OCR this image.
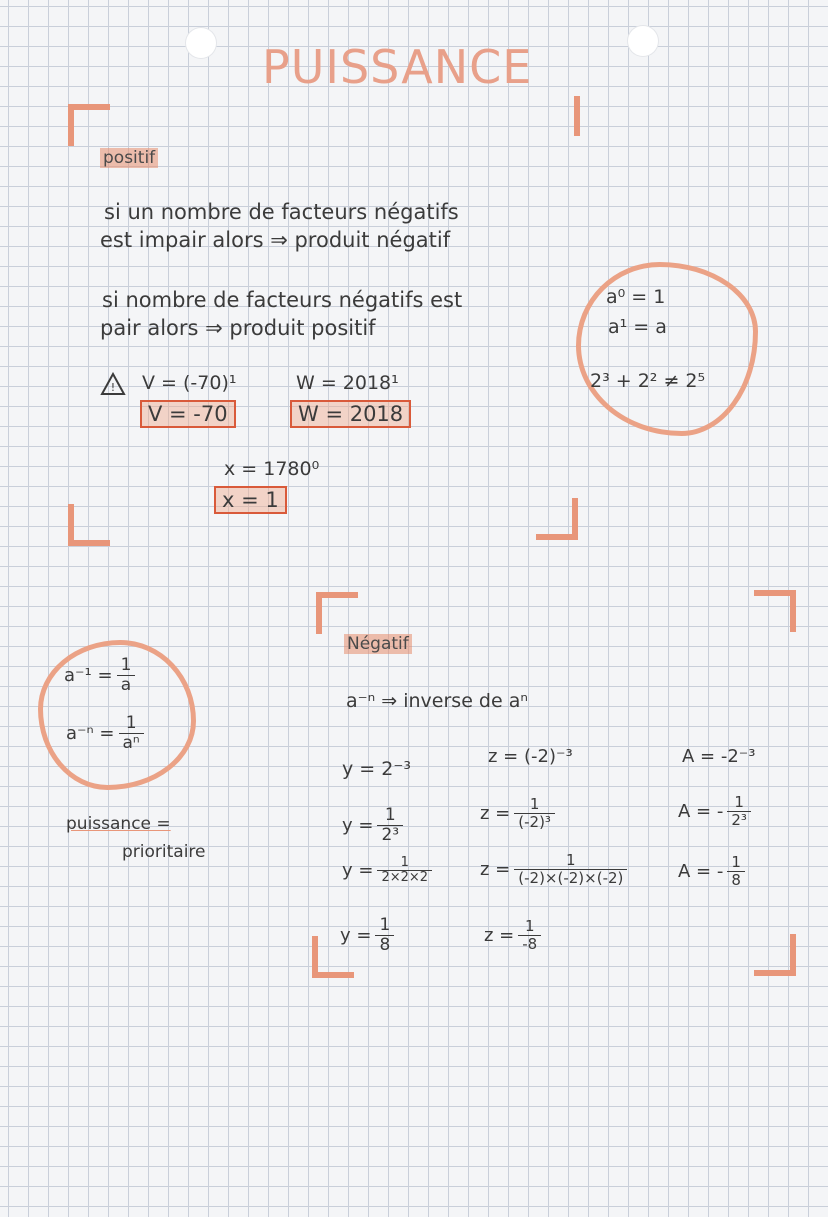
PUISSANCE
positif
si un nombre de facteurs négatifs
est impair alors ⇒ produit négatif
si nombre de facteurs négatifs est
pair alors ⇒ produit positif
! V = (-70)¹
V = -70
W = 2018¹
W = 2018
x = 1780⁰
x = 1
a⁰ = 1
a¹ = a
2³ + 2² ≠ 2⁵
$a^{-1} = \frac{1}{a}$
$a^{-n} = \frac{1}{\text{aⁿ}}$
puissance =
prioritaire
Négatif
a⁻ⁿ ⇒ inverse de aⁿ
y = 2⁻³
$y = \frac{1}{\text{2³}}$
$y = \frac{1}{2\times 2\times 2}$
$y = \frac{1}{8}$
z = (-2)⁻³
$z = \frac{1}{\text{(-2)³}}$
$z = \frac{1}{(-2)\times(-2)\times(-2)}$
$z = \frac{1}{-8}$
A = -2⁻³
A = - $\frac{1}{\text{2³}}$
A = - $\frac{1}{8}$
